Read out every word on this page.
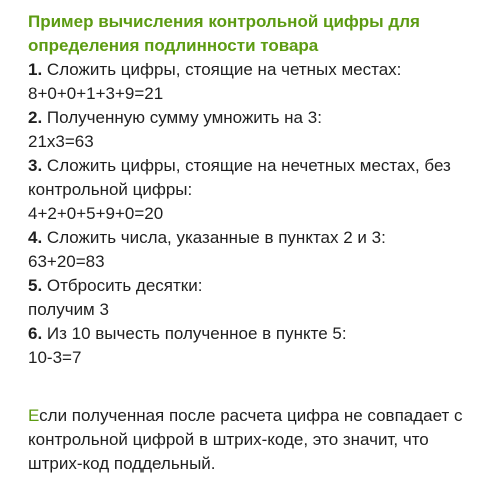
Пример вычисления контрольной цифры для
определения подлинности товара
1. Сложить цифры, стоящие на четных местах:
8+0+0+1+3+9=21
2. Полученную сумму умножить на 3:
21х3=63
3. Сложить цифры, стоящие на нечетных местах, без
контрольной цифры:
4+2+0+5+9+0=20
4. Сложить числа, указанные в пунктах 2 и 3:
63+20=83
5. Отбросить десятки:
получим 3
6. Из 10 вычесть полученное в пункте 5:
10-3=7
Если полученная после расчета цифра не совпадает с
контрольной цифрой в штрих-коде, это значит, что
штрих-код поддельный.
